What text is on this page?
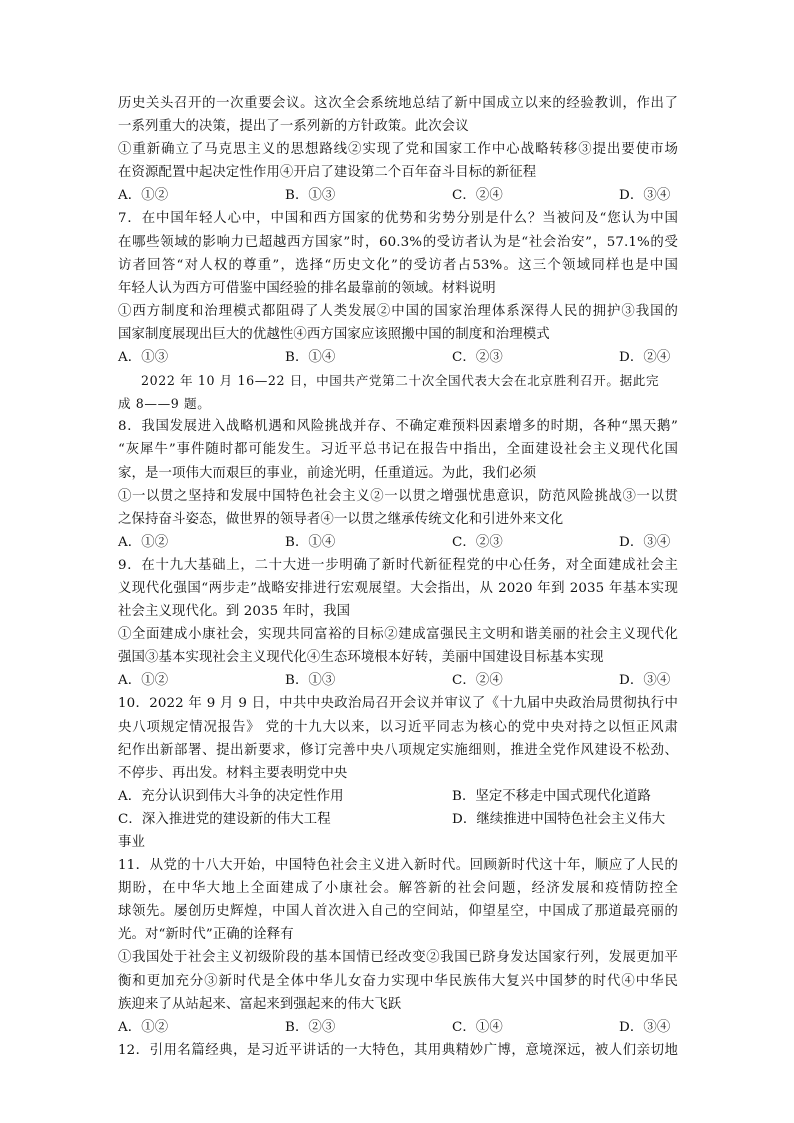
历史关头召开的一次重要会议。这次全会系统地总结了新中国成立以来的经验教训，作出了
一系列重大的决策，提出了一系列新的方针政策。此次会议
①重新确立了马克思主义的思想路线②实现了党和国家工作中心战略转移③提出要使市场
在资源配置中起决定性作用④开启了建设第二个百年奋斗目标的新征程
A．①②	B．①③	C．②④	D．③④
7．在中国年轻人心中，中国和西方国家的优势和劣势分别是什么？当被问及“您认为中国
在哪些领域的影响力已超越西方国家”时，60.3%的受访者认为是“社会治安”，57.1%的受
访者回答“对人权的尊重”，选择“历史文化”的受访者占53%。这三个领域同样也是中国
年轻人认为西方可借鉴中国经验的排名最靠前的领域。材料说明
①西方制度和治理模式都阻碍了人类发展②中国的国家治理体系深得人民的拥护③我国的
国家制度展现出巨大的优越性④西方国家应该照搬中国的制度和治理模式
A．①③	B．①④	C．②③	D．②④
2022 年 10 月 16—22 日，中国共产党第二十次全国代表大会在北京胜利召开。据此完
成 8——9 题。
8．我国发展进入战略机遇和风险挑战并存、不确定难预料因素增多的时期，各种“黑天鹅”
“灰犀牛”事件随时都可能发生。习近平总书记在报告中指出，全面建设社会主义现代化国
家，是一项伟大而艰巨的事业，前途光明，任重道远。为此，我们必须
①一以贯之坚持和发展中国特色社会主义②一以贯之增强忧患意识，防范风险挑战③一以贯
之保持奋斗姿态，做世界的领导者④一以贯之继承传统文化和引进外来文化
A．①②	B．①④	C．②③	D．③④
9．在十九大基础上，二十大进一步明确了新时代新征程党的中心任务，对全面建成社会主
义现代化强国“两步走”战略安排进行宏观展望。大会指出，从 2020 年到 2035 年基本实现
社会主义现代化。到 2035 年时，我国
①全面建成小康社会，实现共同富裕的目标②建成富强民主文明和谐美丽的社会主义现代化
强国③基本实现社会主义现代化④生态环境根本好转，美丽中国建设目标基本实现
A．①②	B．①③	C．②④	D．③④
10．2022 年 9 月 9 日，中共中央政治局召开会议并审议了《十九届中央政治局贯彻执行中
央八项规定情况报告》 党的十九大以来，以习近平同志为核心的党中央对持之以恒正风肃
纪作出新部署、提出新要求，修订完善中央八项规定实施细则，推进全党作风建设不松劲、
不停步、再出发。材料主要表明党中央
A．充分认识到伟大斗争的决定性作用	B．坚定不移走中国式现代化道路
C．深入推进党的建设新的伟大工程	D．继续推进中国特色社会主义伟大
事业
11．从党的十八大开始，中国特色社会主义进入新时代。回顾新时代这十年，顺应了人民的
期盼，在中华大地上全面建成了小康社会。解答新的社会问题，经济发展和疫情防控全
球领先。屡创历史辉煌，中国人首次进入自己的空间站，仰望星空，中国成了那道最亮丽的
光。对“新时代”正确的诠释有
①我国处于社会主义初级阶段的基本国情已经改变②我国已跻身发达国家行列，发展更加平
衡和更加充分③新时代是全体中华儿女奋力实现中华民族伟大复兴中国梦的时代④中华民
族迎来了从站起来、富起来到强起来的伟大飞跃
A．①②	B．②③	C．①④	D．③④
12．引用名篇经典，是习近平讲话的一大特色，其用典精妙广博，意境深远，被人们亲切地
